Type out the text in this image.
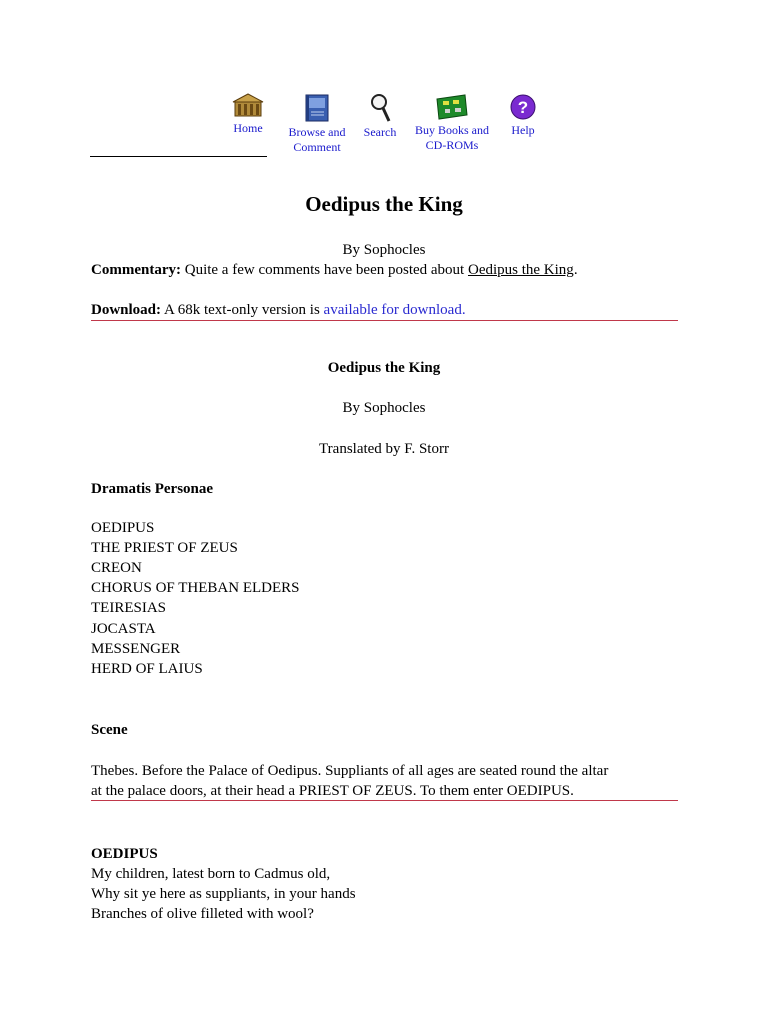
Home	Browse and
Comment
Search	Buy Books and
CD-ROMs
?
Help
Oedipus the King
By Sophocles
Commentary: Quite a few comments have been posted about Oedipus the King.
Download: A 68k text-only version is available for download.
Oedipus the King
By Sophocles
Translated by F. Storr
Dramatis Personae
OEDIPUS
THE PRIEST OF ZEUS
CREON
CHORUS OF THEBAN ELDERS
TEIRESIAS
JOCASTA
MESSENGER
HERD OF LAIUS
Scene
Thebes. Before the Palace of Oedipus. Suppliants of all ages are seated round the altar
at the palace doors, at their head a PRIEST OF ZEUS. To them enter OEDIPUS.
OEDIPUS
My children, latest born to Cadmus old,
Why sit ye here as suppliants, in your hands
Branches of olive filleted with wool?
